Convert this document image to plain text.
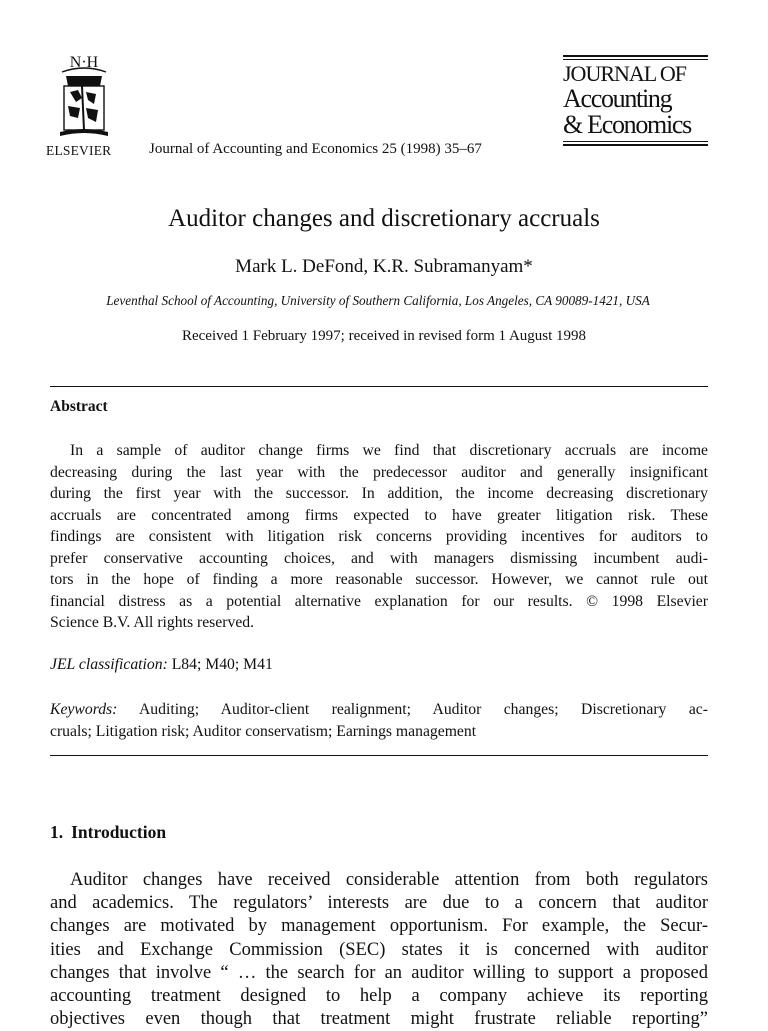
N·H
ELSEVIER	Journal of Accounting and Economics 25 (1998) 35–67
JOURNAL OF
Accounting
& Economics
Auditor changes and discretionary accruals
Mark L. DeFond, K.R. Subramanyam*
Leventhal School of Accounting, University of Southern California, Los Angeles, CA 90089-1421, USA
Received 1 February 1997; received in revised form 1 August 1998
Abstract
In a sample of auditor change firms we find that discretionary accruals are income
decreasing during the last year with the predecessor auditor and generally insignificant
during the first year with the successor. In addition, the income decreasing discretionary
accruals are concentrated among firms expected to have greater litigation risk. These
findings are consistent with litigation risk concerns providing incentives for auditors to
prefer conservative accounting choices, and with managers dismissing incumbent audi-
tors in the hope of finding a more reasonable successor. However, we cannot rule out
financial distress as a potential alternative explanation for our results. © 1998 Elsevier
Science B.V. All rights reserved.
JEL classification: L84; M40; M41
Keywords: Auditing; Auditor-client realignment; Auditor changes; Discretionary ac-
cruals; Litigation risk; Auditor conservatism; Earnings management
1. Introduction
Auditor changes have received considerable attention from both regulators
and academics. The regulators’ interests are due to a concern that auditor
changes are motivated by management opportunism. For example, the Secur-
ities and Exchange Commission (SEC) states it is concerned with auditor
changes that involve “ … the search for an auditor willing to support a proposed
accounting treatment designed to help a company achieve its reporting
objectives even though that treatment might frustrate reliable reporting”
